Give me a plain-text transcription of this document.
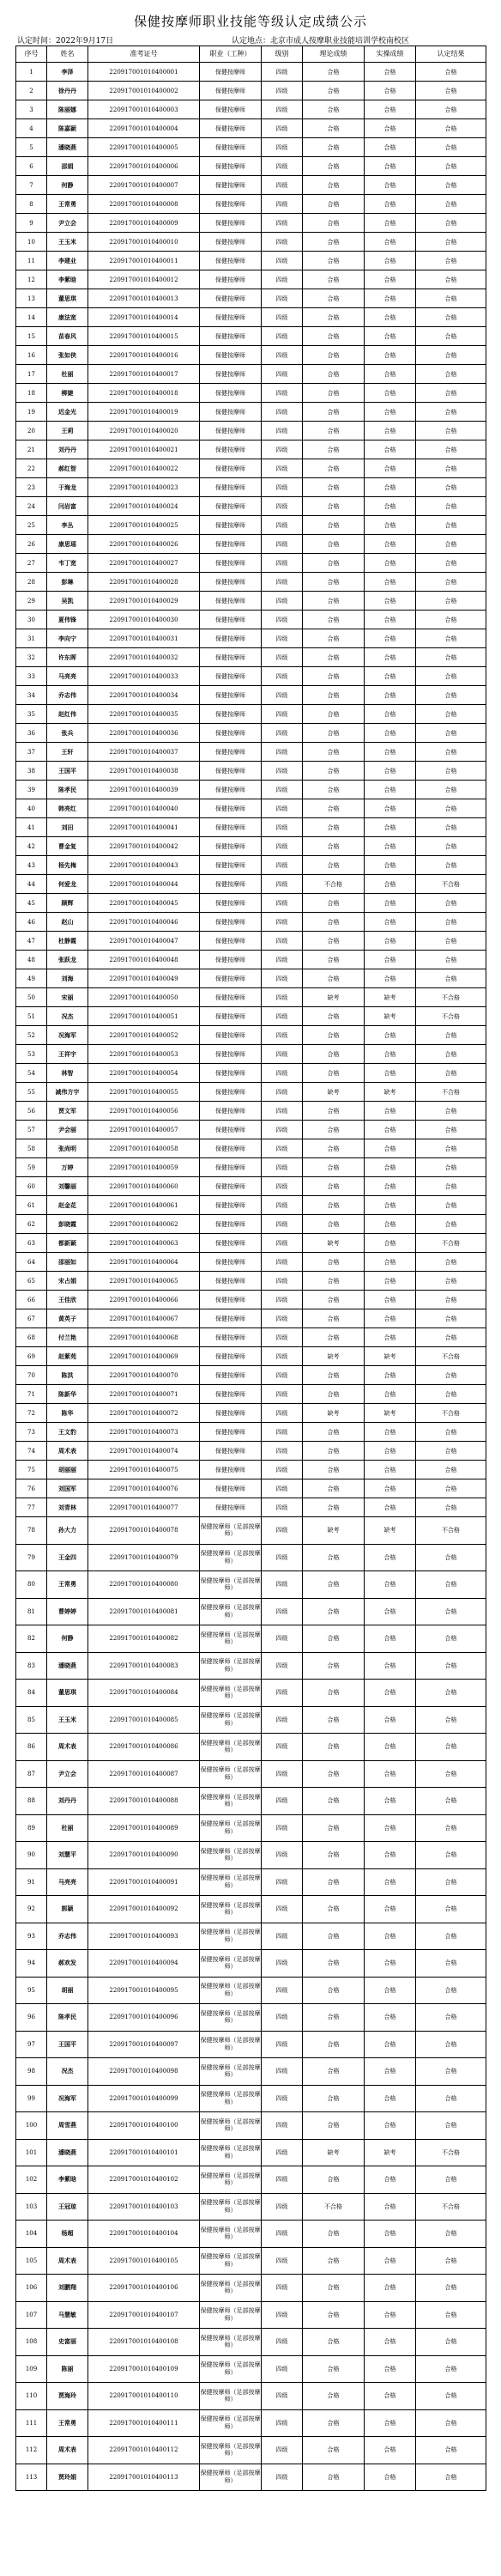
保健按摩师职业技能等级认定成绩公示
认定时间：2022年9月17日	认定地点：北京市成人按摩职业技能培训学校南校区
序号	姓名	准考证号	职业（工种）	级别	理论成绩	实操成绩	认定结果
1	李泽	220917001010400001	保健按摩师	四级	合格	合格	合格
2	徐丹丹	220917001010400002	保健按摩师	四级	合格	合格	合格
3	陈丽娜	220917001010400003	保健按摩师	四级	合格	合格	合格
4	陈嘉颖	220917001010400004	保健按摩师	四级	合格	合格	合格
5	潘晓燕	220917001010400005	保健按摩师	四级	合格	合格	合格
6	邵娟	220917001010400006	保健按摩师	四级	合格	合格	合格
7	何静	220917001010400007	保健按摩师	四级	合格	合格	合格
8	王常勇	220917001010400008	保健按摩师	四级	合格	合格	合格
9	尹立会	220917001010400009	保健按摩师	四级	合格	合格	合格
10	王玉米	220917001010400010	保健按摩师	四级	合格	合格	合格
11	李建业	220917001010400011	保健按摩师	四级	合格	合格	合格
12	李紫晗	220917001010400012	保健按摩师	四级	合格	合格	合格
13	董思琪	220917001010400013	保健按摩师	四级	合格	合格	合格
14	康法宽	220917001010400014	保健按摩师	四级	合格	合格	合格
15	苗春风	220917001010400015	保健按摩师	四级	合格	合格	合格
16	张如侠	220917001010400016	保健按摩师	四级	合格	合格	合格
17	杜丽	220917001010400017	保健按摩师	四级	合格	合格	合格
18	柳婕	220917001010400018	保健按摩师	四级	合格	合格	合格
19	迟金光	220917001010400019	保健按摩师	四级	合格	合格	合格
20	王莉	220917001010400020	保健按摩师	四级	合格	合格	合格
21	刘丹丹	220917001010400021	保健按摩师	四级	合格	合格	合格
22	郝红智	220917001010400022	保健按摩师	四级	合格	合格	合格
23	于海龙	220917001010400023	保健按摩师	四级	合格	合格	合格
24	闫岩富	220917001010400024	保健按摩师	四级	合格	合格	合格
25	李丛	220917001010400025	保健按摩师	四级	合格	合格	合格
26	康思瑶	220917001010400026	保健按摩师	四级	合格	合格	合格
27	韦丁宽	220917001010400027	保健按摩师	四级	合格	合格	合格
28	彭琳	220917001010400028	保健按摩师	四级	合格	合格	合格
29	吴凯	220917001010400029	保健按摩师	四级	合格	合格	合格
30	夏伟锋	220917001010400030	保健按摩师	四级	合格	合格	合格
31	李向宁	220917001010400031	保健按摩师	四级	合格	合格	合格
32	许东晖	220917001010400032	保健按摩师	四级	合格	合格	合格
33	马亮亮	220917001010400033	保健按摩师	四级	合格	合格	合格
34	乔志伟	220917001010400034	保健按摩师	四级	合格	合格	合格
35	赵红伟	220917001010400035	保健按摩师	四级	合格	合格	合格
36	张兵	220917001010400036	保健按摩师	四级	合格	合格	合格
37	王轩	220917001010400037	保健按摩师	四级	合格	合格	合格
38	王国平	220917001010400038	保健按摩师	四级	合格	合格	合格
39	陈孝民	220917001010400039	保健按摩师	四级	合格	合格	合格
40	韩亮红	220917001010400040	保健按摩师	四级	合格	合格	合格
41	刘田	220917001010400041	保健按摩师	四级	合格	合格	合格
42	曹金复	220917001010400042	保健按摩师	四级	合格	合格	合格
43	杨先梅	220917001010400043	保健按摩师	四级	合格	合格	合格
44	何爱龙	220917001010400044	保健按摩师	四级	不合格	合格	不合格
45	顾辉	220917001010400045	保健按摩师	四级	合格	合格	合格
46	赵山	220917001010400046	保健按摩师	四级	合格	合格	合格
47	杜静霞	220917001010400047	保健按摩师	四级	合格	合格	合格
48	张跃龙	220917001010400048	保健按摩师	四级	合格	合格	合格
49	刘海	220917001010400049	保健按摩师	四级	合格	合格	合格
50	宋丽	220917001010400050	保健按摩师	四级	缺考	缺考	不合格
51	况杰	220917001010400051	保健按摩师	四级	合格	缺考	不合格
52	况海军	220917001010400052	保健按摩师	四级	合格	合格	合格
53	王祥宇	220917001010400053	保健按摩师	四级	合格	合格	合格
54	林智	220917001010400054	保健按摩师	四级	合格	合格	合格
55	减伟方宇	220917001010400055	保健按摩师	四级	缺考	缺考	不合格
56	贾文军	220917001010400056	保健按摩师	四级	合格	合格	合格
57	尹会丽	220917001010400057	保健按摩师	四级	合格	合格	合格
58	张尚明	220917001010400058	保健按摩师	四级	合格	合格	合格
59	万婷	220917001010400059	保健按摩师	四级	合格	合格	合格
60	刘馨丽	220917001010400060	保健按摩师	四级	合格	合格	合格
61	赵金花	220917001010400061	保健按摩师	四级	合格	合格	合格
62	彭晓霞	220917001010400062	保健按摩师	四级	合格	合格	合格
63	都新颖	220917001010400063	保健按摩师	四级	缺考	合格	不合格
64	邵丽如	220917001010400064	保健按摩师	四级	合格	合格	合格
65	宋占娟	220917001010400065	保健按摩师	四级	合格	合格	合格
66	王佳欣	220917001010400066	保健按摩师	四级	合格	合格	合格
67	黄英子	220917001010400067	保健按摩师	四级	合格	合格	合格
68	付兰艳	220917001010400068	保健按摩师	四级	合格	合格	合格
69	赵紫苑	220917001010400069	保健按摩师	四级	缺考	缺考	不合格
70	陈洪	220917001010400070	保健按摩师	四级	合格	合格	合格
71	陈新华	220917001010400071	保健按摩师	四级	合格	合格	合格
72	陈华	220917001010400072	保健按摩师	四级	缺考	缺考	不合格
73	王文豹	220917001010400073	保健按摩师	四级	合格	合格	合格
74	周术表	220917001010400074	保健按摩师	四级	合格	合格	合格
75	胡丽丽	220917001010400075	保健按摩师	四级	合格	合格	合格
76	刘国军	220917001010400076	保健按摩师	四级	合格	合格	合格
77	刘青林	220917001010400077	保健按摩师	四级	合格	合格	合格
78	孙大力	220917001010400078	保健按摩师（足部按摩师）	四级	缺考	缺考	不合格
79	王金四	220917001010400079	保健按摩师（足部按摩师）	四级	合格	合格	合格
80	王常勇	220917001010400080	保健按摩师（足部按摩师）	四级	合格	合格	合格
81	曹婷婷	220917001010400081	保健按摩师（足部按摩师）	四级	合格	合格	合格
82	何静	220917001010400082	保健按摩师（足部按摩师）	四级	合格	合格	合格
83	潘晓燕	220917001010400083	保健按摩师（足部按摩师）	四级	合格	合格	合格
84	董思琪	220917001010400084	保健按摩师（足部按摩师）	四级	合格	合格	合格
85	王玉米	220917001010400085	保健按摩师（足部按摩师）	四级	合格	合格	合格
86	周术表	220917001010400086	保健按摩师（足部按摩师）	四级	合格	合格	合格
87	尹立会	220917001010400087	保健按摩师（足部按摩师）	四级	合格	合格	合格
88	刘丹丹	220917001010400088	保健按摩师（足部按摩师）	四级	合格	合格	合格
89	杜丽	220917001010400089	保健按摩师（足部按摩师）	四级	合格	合格	合格
90	刘慧平	220917001010400090	保健按摩师（足部按摩师）	四级	合格	合格	合格
91	马亮亮	220917001010400091	保健按摩师（足部按摩师）	四级	合格	合格	合格
92	郭颖	220917001010400092	保健按摩师（足部按摩师）	四级	合格	合格	合格
93	乔志伟	220917001010400093	保健按摩师（足部按摩师）	四级	合格	合格	合格
94	郝欢发	220917001010400094	保健按摩师（足部按摩师）	四级	合格	合格	合格
95	胡丽	220917001010400095	保健按摩师（足部按摩师）	四级	合格	合格	合格
96	陈孝民	220917001010400096	保健按摩师（足部按摩师）	四级	合格	合格	合格
97	王国平	220917001010400097	保健按摩师（足部按摩师）	四级	合格	合格	合格
98	况杰	220917001010400098	保健按摩师（足部按摩师）	四级	合格	合格	合格
99	况海军	220917001010400099	保健按摩师（足部按摩师）	四级	合格	合格	合格
100	周雪燕	220917001010400100	保健按摩师（足部按摩师）	四级	合格	合格	合格
101	潘晓燕	220917001010400101	保健按摩师（足部按摩师）	四级	缺考	缺考	不合格
102	李紫晗	220917001010400102	保健按摩师（足部按摩师）	四级	合格	合格	合格
103	王冠琼	220917001010400103	保健按摩师（足部按摩师）	四级	不合格	合格	不合格
104	杨超	220917001010400104	保健按摩师（足部按摩师）	四级	合格	合格	合格
105	周术表	220917001010400105	保健按摩师（足部按摩师）	四级	合格	合格	合格
106	刘鹏翔	220917001010400106	保健按摩师（足部按摩师）	四级	合格	合格	合格
107	马慧敏	220917001010400107	保健按摩师（足部按摩师）	四级	合格	合格	合格
108	史富丽	220917001010400108	保健按摩师（足部按摩师）	四级	合格	合格	合格
109	陈丽	220917001010400109	保健按摩师（足部按摩师）	四级	合格	合格	合格
110	贾海玲	220917001010400110	保健按摩师（足部按摩师）	四级	合格	合格	合格
111	王常勇	220917001010400111	保健按摩师（足部按摩师）	四级	合格	合格	合格
112	周术表	220917001010400112	保健按摩师（足部按摩师）	四级	合格	合格	合格
113	贾玲娟	220917001010400113	保健按摩师（足部按摩师）	四级	合格	合格	合格
